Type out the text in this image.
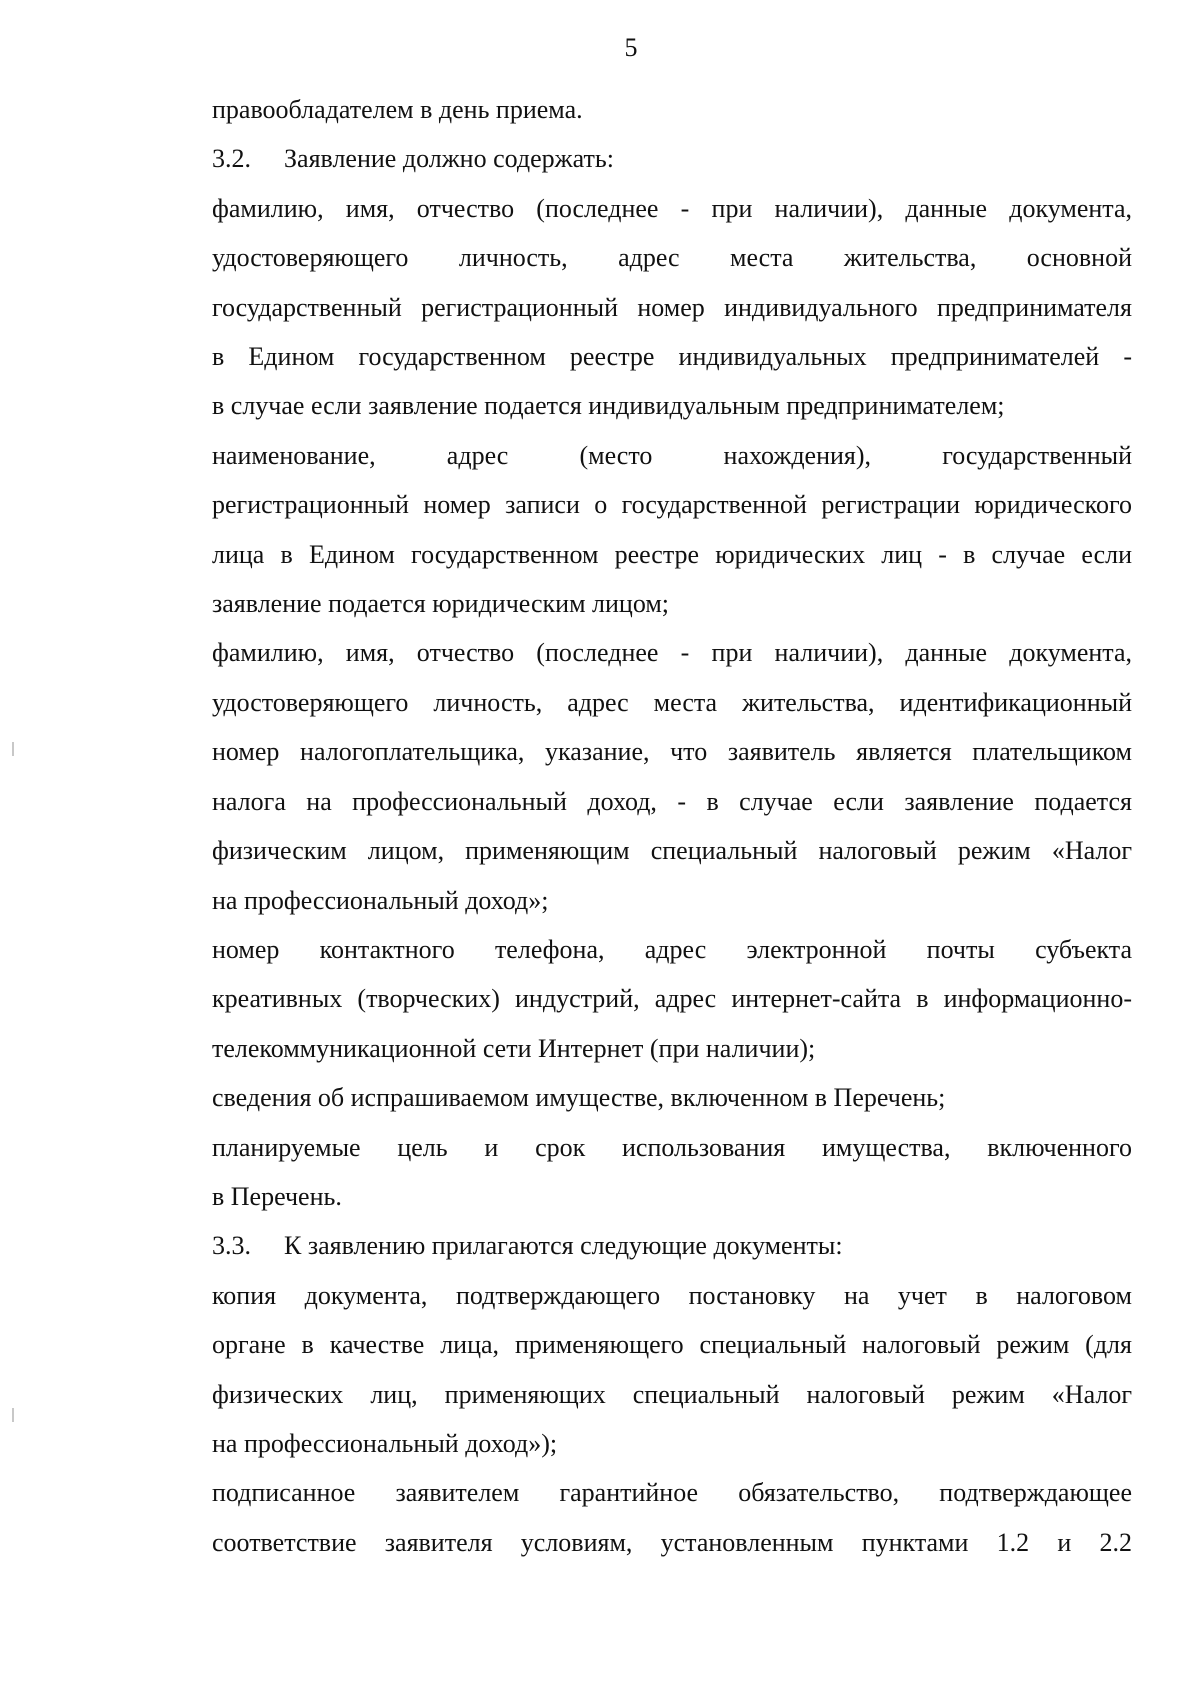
5
правообладателем в день приема.
3.2. Заявление должно содержать:
фамилию, имя, отчество (последнее - при наличии), данные документа,
удостоверяющего личность, адрес места жительства, основной
государственный регистрационный номер индивидуального предпринимателя
в Едином государственном реестре индивидуальных предпринимателей -
в случае если заявление подается индивидуальным предпринимателем;
наименование, адрес (место нахождения), государственный
регистрационный номер записи о государственной регистрации юридического
лица в Едином государственном реестре юридических лиц - в случае если
заявление подается юридическим лицом;
фамилию, имя, отчество (последнее - при наличии), данные документа,
удостоверяющего личность, адрес места жительства, идентификационный
номер налогоплательщика, указание, что заявитель является плательщиком
налога на профессиональный доход, - в случае если заявление подается
физическим лицом, применяющим специальный налоговый режим «Налог
на профессиональный доход»;
номер контактного телефона, адрес электронной почты субъекта
креативных (творческих) индустрий, адрес интернет-сайта в информационно-
телекоммуникационной сети Интернет (при наличии);
сведения об испрашиваемом имуществе, включенном в Перечень;
планируемые цель и срок использования имущества, включенного
в Перечень.
3.3. К заявлению прилагаются следующие документы:
копия документа, подтверждающего постановку на учет в налоговом
органе в качестве лица, применяющего специальный налоговый режим (для
физических лиц, применяющих специальный налоговый режим «Налог
на профессиональный доход»);
подписанное заявителем гарантийное обязательство, подтверждающее
соответствие заявителя условиям, установленным пунктами 1.2 и 2.2
